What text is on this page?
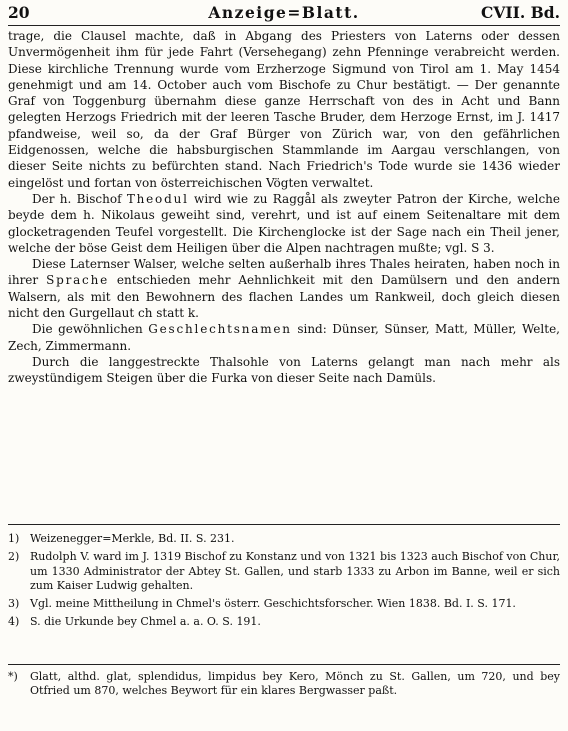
20	Anzeige=Blatt.	CVII. Bd.

trage, die Clausel machte, daß in Abgang des Priesters von Laterns oder dessen Unvermögenheit ihm für jede Fahrt (Versehegang) zehn Pfenninge verabreicht werden. Diese kirchliche Trennung wurde vom Erzherzoge Sigmund von Tirol am 1. May 1454 genehmigt und am 14. October auch vom Bischofe zu Chur bestätigt. — Der genannte Graf von Toggenburg übernahm diese ganze Herrschaft von des in Acht und Bann gelegten Herzogs Friedrich mit der leeren Tasche Bruder, dem Herzoge Ernst, im J. 1417 pfandweise, weil so, da der Graf Bürger von Zürich war, von den gefährlichen Eidgenossen, welche die habsburgischen Stammlande im Aargau verschlangen, von dieser Seite nichts zu befürchten stand. Nach Friedrich's Tode wurde sie 1436 wieder eingelöst und fortan von österreichischen Vögten verwaltet.

Der h. Bischof Theodul wird wie zu Raggål als zweyter Patron der Kirche, welche beyde dem h. Nikolaus geweiht sind, verehrt, und ist auf einem Seitenaltare mit dem glocketragenden Teufel vorgestellt. Die Kirchenglocke ist der Sage nach ein Theil jener, welche der böse Geist dem Heiligen über die Alpen nachtragen mußte; vgl. S 3.

Diese Laternser Walser, welche selten außerhalb ihres Thales heiraten, haben noch in ihrer Sprache entschieden mehr Aehnlichkeit mit den Damülsern und den andern Walsern, als mit den Bewohnern des flachen Landes um Rankweil, doch gleich diesen nicht den Gurgellaut ch statt k.

Die gewöhnlichen Geschlechtsnamen sind: Dünser, Sünser, Matt, Müller, Welte, Zech, Zimmermann.

Durch die langgestreckte Thalsohle von Laterns gelangt man nach mehr als zweystündigem Steigen über die Furka von dieser Seite nach Damüls.

1) Weizenegger=Merkle, Bd. II. S. 231.
2) Rudolph V. ward im J. 1319 Bischof zu Konstanz und von 1321 bis 1323 auch Bischof von Chur, um 1330 Administrator der Abtey St. Gallen, und starb 1333 zu Arbon im Banne, weil er sich zum Kaiser Ludwig gehalten.
3) Vgl. meine Mittheilung in Chmel's österr. Geschichtsforscher. Wien 1838. Bd. I. S. 171.
4) S. die Urkunde bey Chmel a. a. O. S. 191.
*)	Glatt, althd. glat, splendidus, limpidus bey Kero, Mönch zu St. Gallen, um 720, und bey Otfried um 870, welches Beywort für ein klares Bergwasser paßt.
